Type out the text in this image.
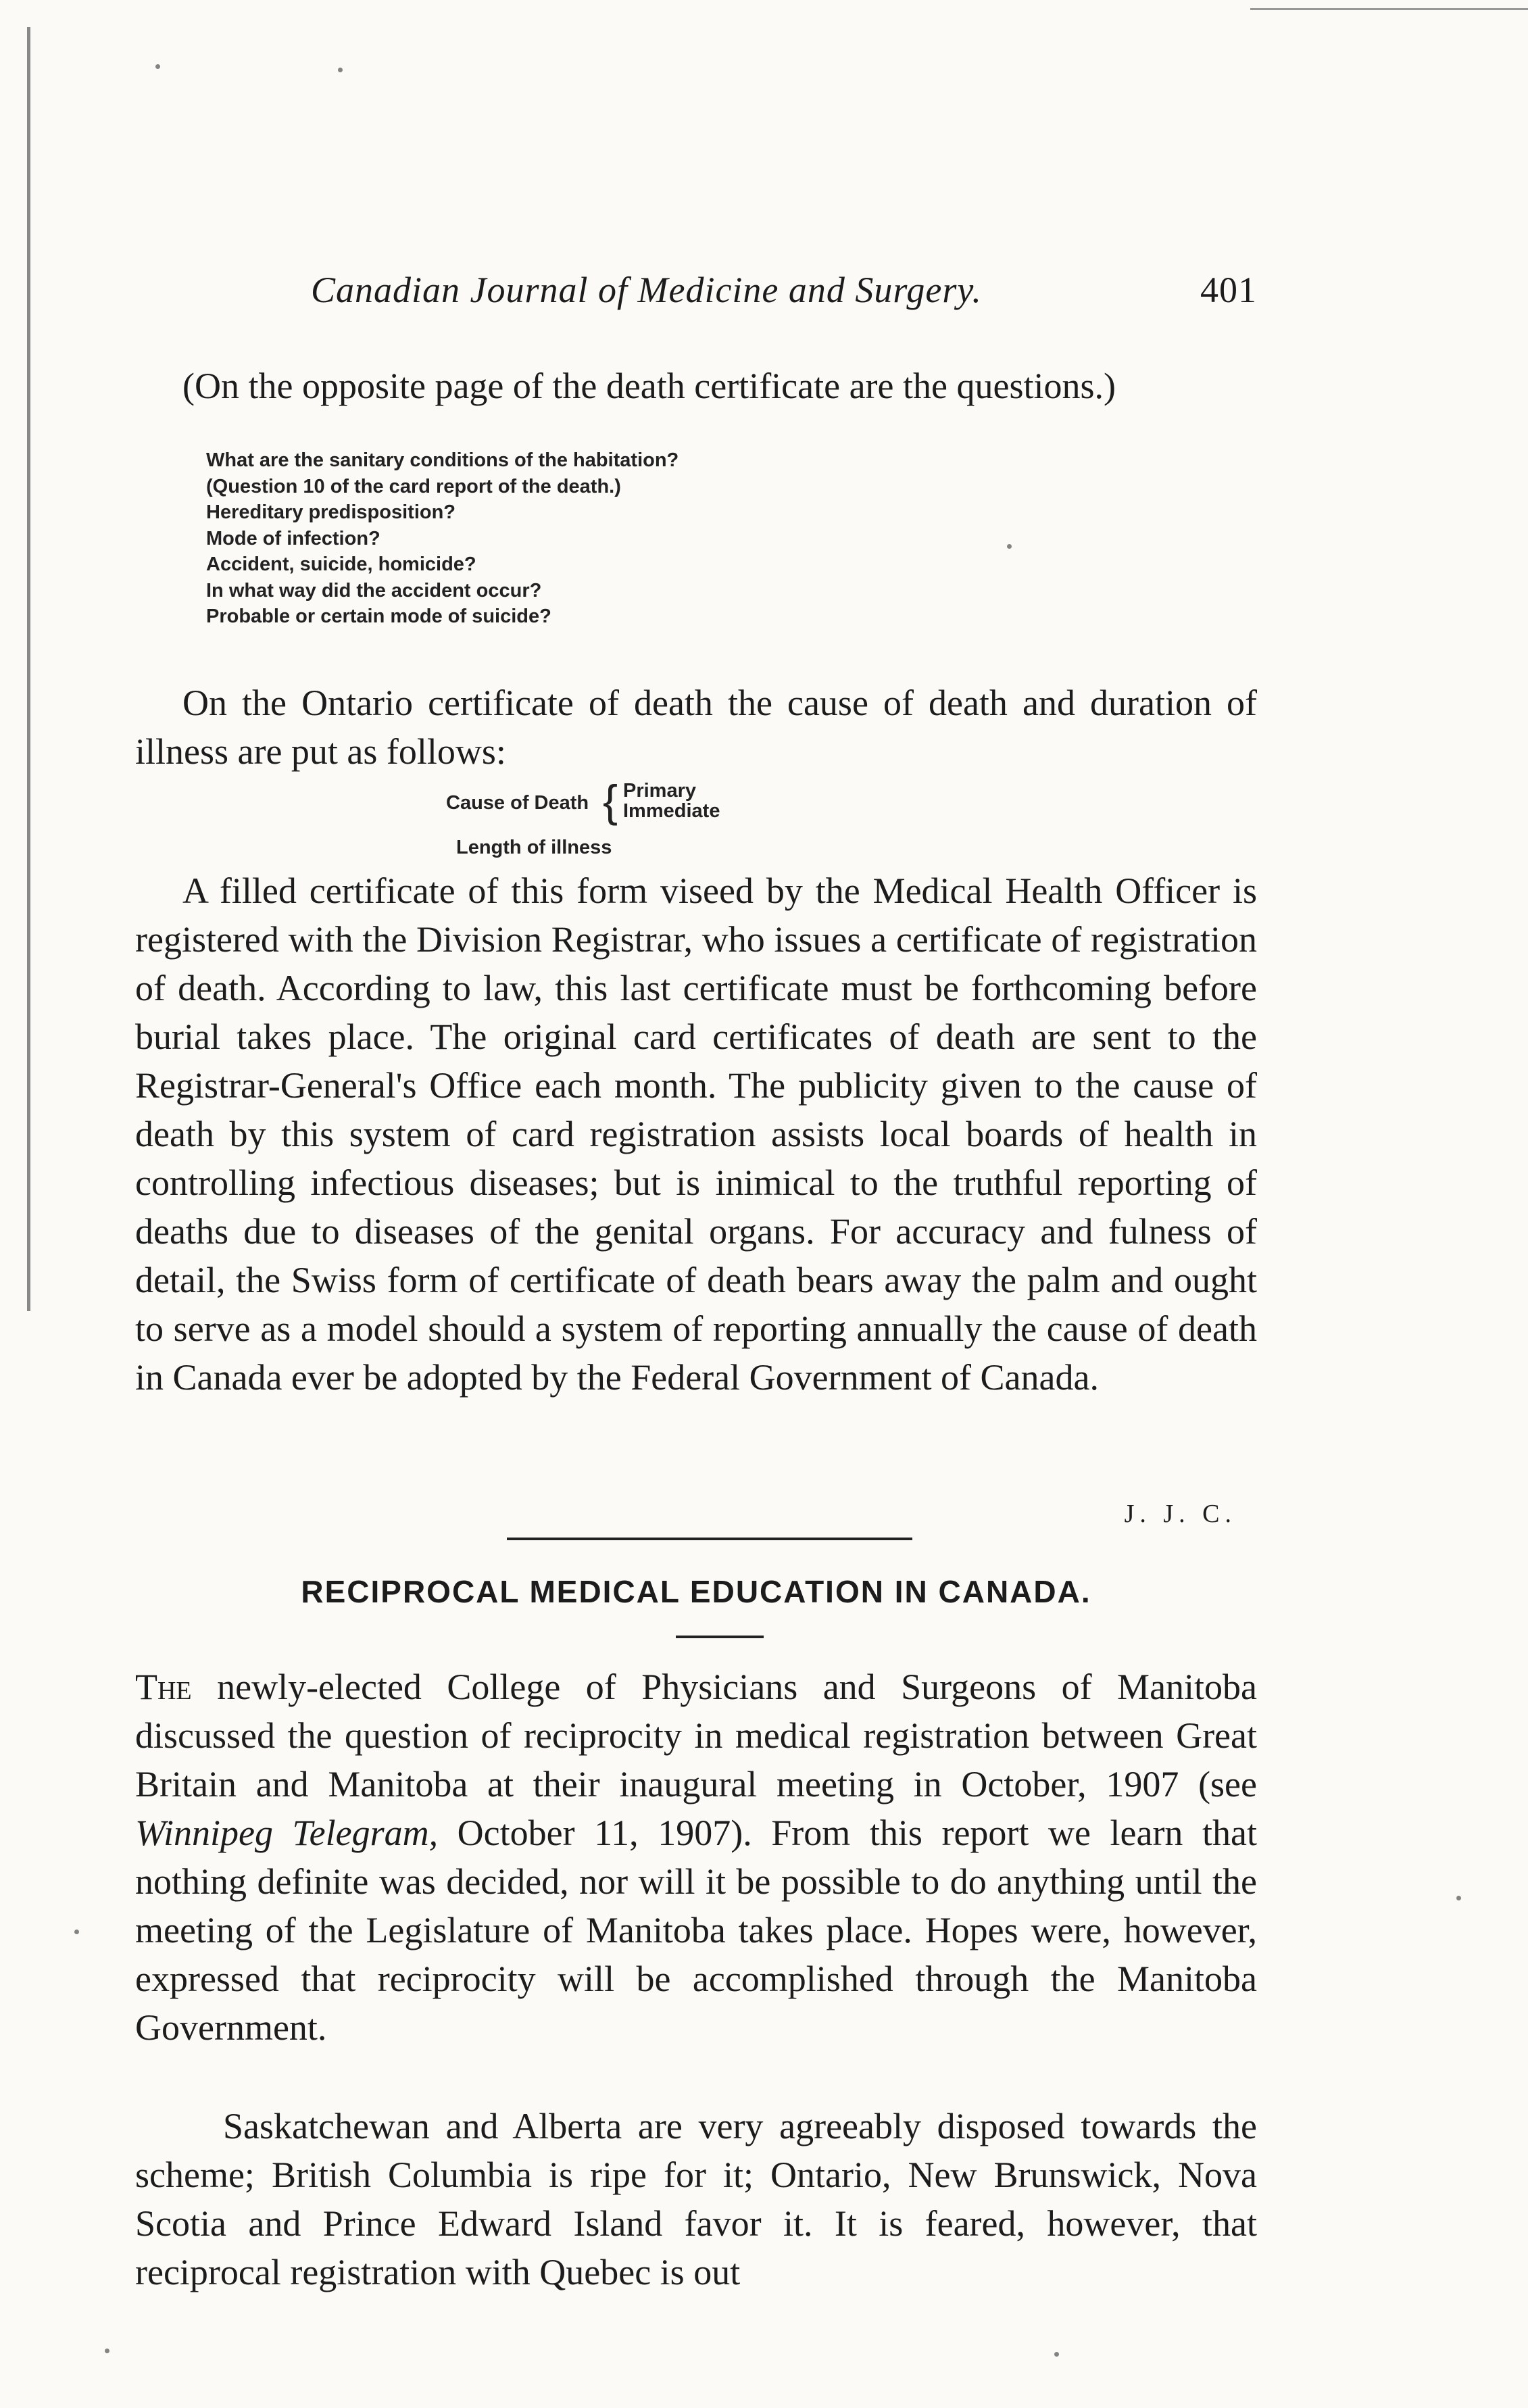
Canadian Journal of Medicine and Surgery.	401

(On the opposite page of the death certificate are the questions.)

What are the sanitary conditions of the habitation?
(Question 10 of the card report of the death.)
Hereditary predisposition?
Mode of infection?
Accident, suicide, homicide?
In what way did the accident occur?
Probable or certain mode of suicide?

On the Ontario certificate of death the cause of death and duration of illness are put as follows:

Cause of Death { Primary
Immediate
Length of illness

A filled certificate of this form viseed by the Medical Health Officer is registered with the Division Registrar, who issues a certificate of registration of death. According to law, this last certificate must be forthcoming before burial takes place. The original card certificates of death are sent to the Registrar-General's Office each month. The publicity given to the cause of death by this system of card registration assists local boards of health in controlling infectious diseases; but is inimical to the truthful reporting of deaths due to diseases of the genital organs. For accuracy and fulness of detail, the Swiss form of certificate of death bears away the palm and ought to serve as a model should a system of reporting annually the cause of death in Canada ever be adopted by the Federal Government of Canada.

J. J. C.
RECIPROCAL MEDICAL EDUCATION IN CANADA.

The newly-elected College of Physicians and Surgeons of Manitoba discussed the question of reciprocity in medical registration between Great Britain and Manitoba at their inaugural meeting in October, 1907 (see Winnipeg Telegram, October 11, 1907). From this report we learn that nothing definite was decided, nor will it be possible to do anything until the meeting of the Legislature of Manitoba takes place. Hopes were, however, expressed that reciprocity will be accomplished through the Manitoba Government.

Saskatchewan and Alberta are very agreeably disposed towards the scheme; British Columbia is ripe for it; Ontario, New Brunswick, Nova Scotia and Prince Edward Island favor it. It is feared, however, that reciprocal registration with Quebec is out
